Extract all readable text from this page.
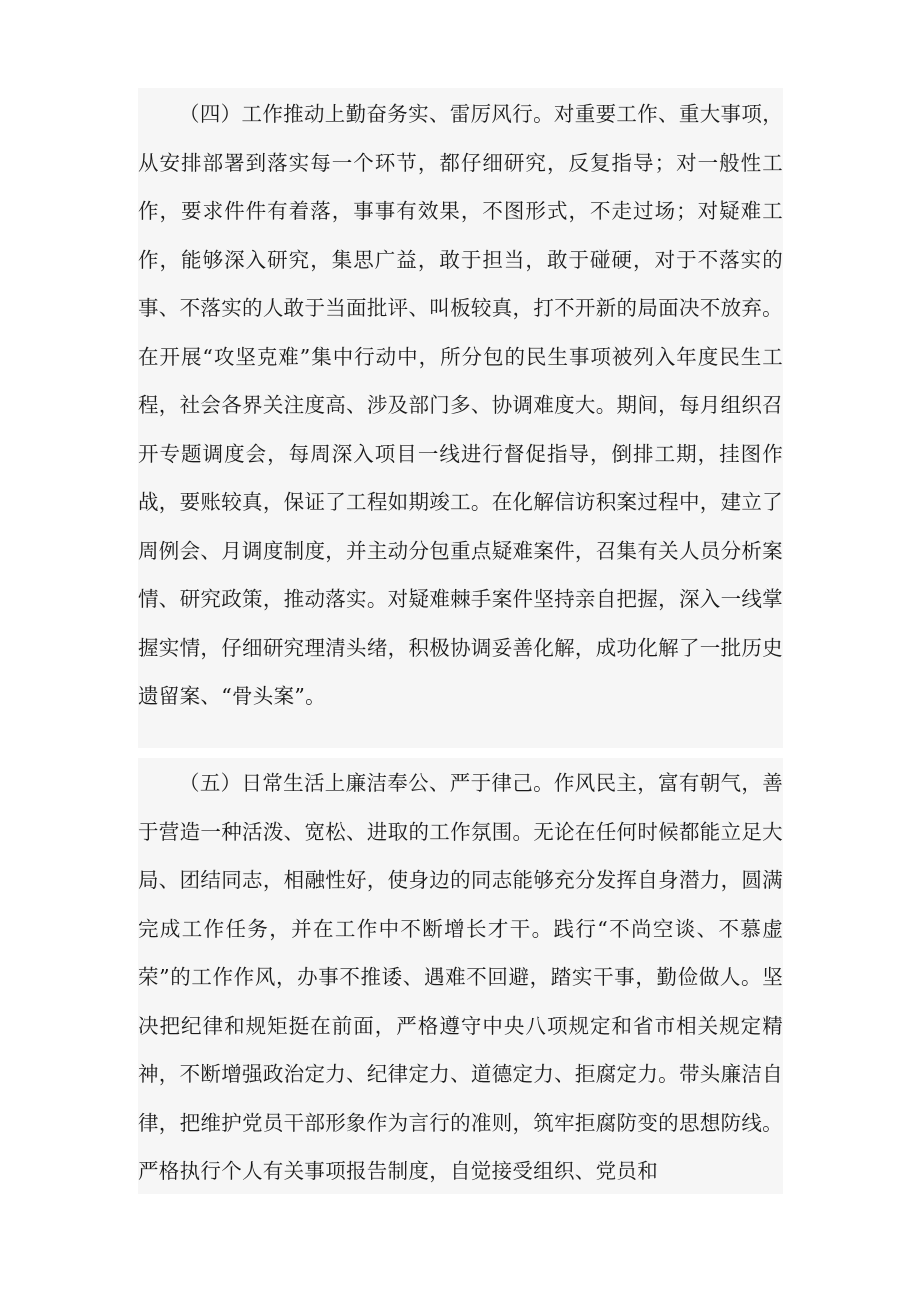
（四）工作推动上勤奋务实、雷厉风行。对重要工作、重大事项，从安排部署到落实每一个环节，都仔细研究，反复指导；对一般性工作，要求件件有着落，事事有效果，不图形式，不走过场；对疑难工作，能够深入研究，集思广益，敢于担当，敢于碰硬，对于不落实的事、不落实的人敢于当面批评、叫板较真，打不开新的局面决不放弃。在开展“攻坚克难”集中行动中，所分包的民生事项被列入年度民生工程，社会各界关注度高、涉及部门多、协调难度大。期间，每月组织召开专题调度会，每周深入项目一线进行督促指导，倒排工期，挂图作战，要账较真，保证了工程如期竣工。在化解信访积案过程中，建立了周例会、月调度制度，并主动分包重点疑难案件，召集有关人员分析案情、研究政策，推动落实。对疑难棘手案件坚持亲自把握，深入一线掌握实情，仔细研究理清头绪，积极协调妥善化解，成功化解了一批历史遗留案、“骨头案”。

（五）日常生活上廉洁奉公、严于律己。作风民主，富有朝气，善于营造一种活泼、宽松、进取的工作氛围。无论在任何时候都能立足大局、团结同志，相融性好，使身边的同志能够充分发挥自身潜力，圆满完成工作任务，并在工作中不断增长才干。践行“不尚空谈、不慕虚荣”的工作作风，办事不推诿、遇难不回避，踏实干事，勤俭做人。坚决把纪律和规矩挺在前面，严格遵守中央八项规定和省市相关规定精神，不断增强政治定力、纪律定力、道德定力、拒腐定力。带头廉洁自律，把维护党员干部形象作为言行的准则，筑牢拒腐防变的思想防线。严格执行个人有关事项报告制度，自觉接受组织、党员和
